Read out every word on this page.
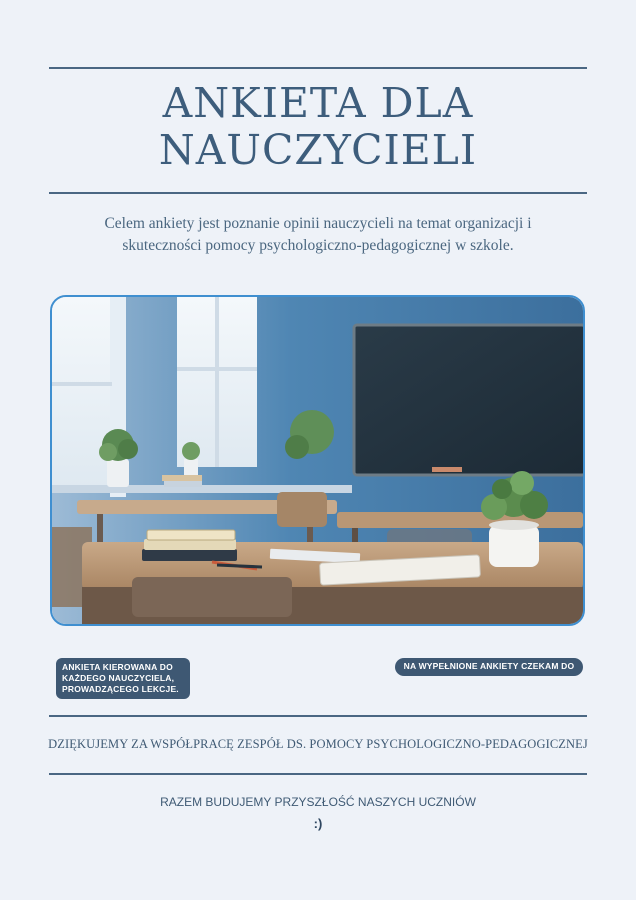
ANKIETA DLA
NAUCZYCIELI
Celem ankiety jest poznanie opinii nauczycieli na temat organizacji i
skuteczności pomocy psychologiczno-pedagogicznej w szkole.
ANKIETA KIEROWANA DO
KAŻDEGO NAUCZYCIELA,
PROWADZĄCEGO LEKCJE.
NA WYPEŁNIONE ANKIETY CZEKAM DO
DZIĘKUJEMY ZA WSPÓŁPRACĘ ZESPÓŁ DS. POMOCY PSYCHOLOGICZNO-PEDAGOGICZNEJ
RAZEM BUDUJEMY PRZYSZŁOŚĆ NASZYCH UCZNIÓW
:)
